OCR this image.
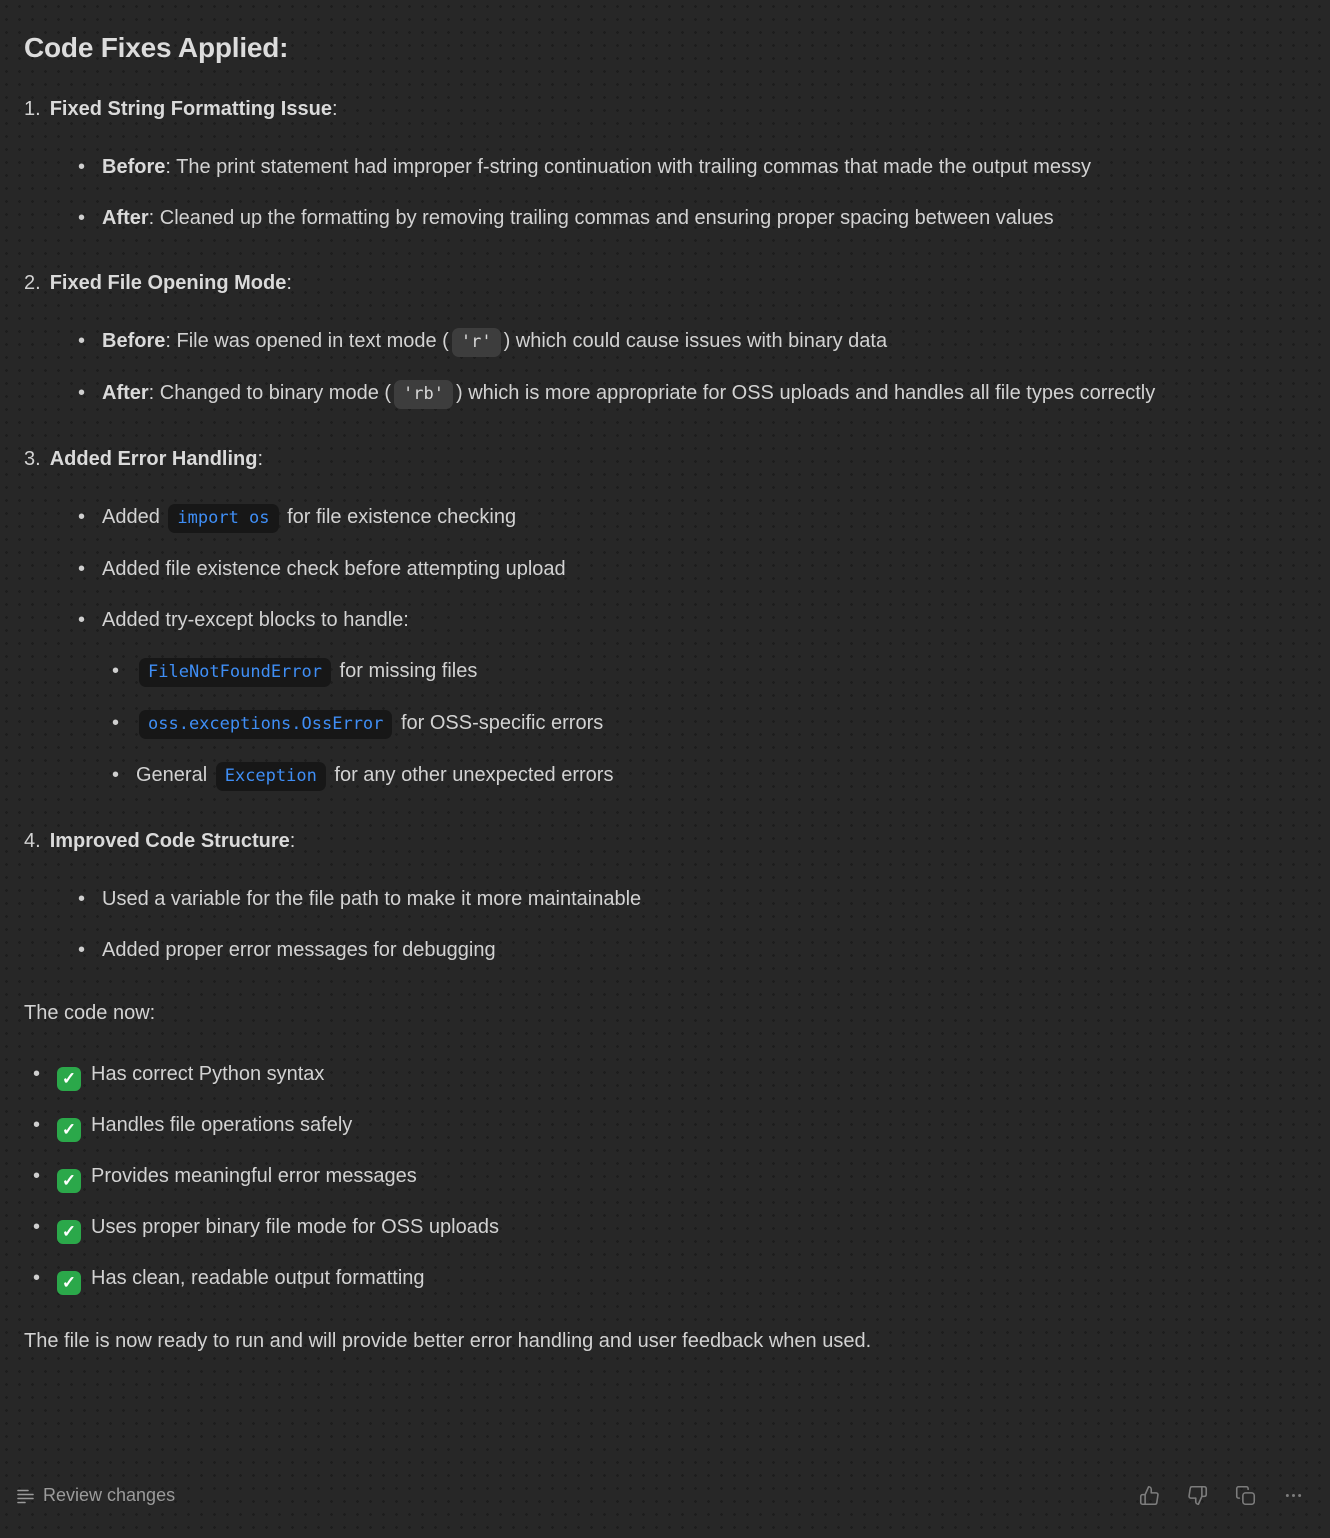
Code Fixes Applied:
1. Fixed String Formatting Issue:
• Before: The print statement had improper f-string continuation with trailing commas that made the output messy
• After: Cleaned up the formatting by removing trailing commas and ensuring proper spacing between values
2. Fixed File Opening Mode:
• Before: File was opened in text mode ( 'r' ) which could cause issues with binary data
• After: Changed to binary mode ( 'rb' ) which is more appropriate for OSS uploads and handles all file types correctly
3. Added Error Handling:
• Added import os for file existence checking
• Added file existence check before attempting upload
• Added try-except blocks to handle:
•	FileNotFoundError for missing files
•	oss.exceptions.OssError for OSS-specific errors
• General Exception for any other unexpected errors
4. Improved Code Structure:
• Used a variable for the file path to make it more maintainable
• Added proper error messages for debugging
The code now:
•	✓ Has correct Python syntax
•	✓ Handles file operations safely
•	✓ Provides meaningful error messages
•	✓ Uses proper binary file mode for OSS uploads
•	✓ Has clean, readable output formatting
The file is now ready to run and will provide better error handling and user feedback when used.
Review changes
